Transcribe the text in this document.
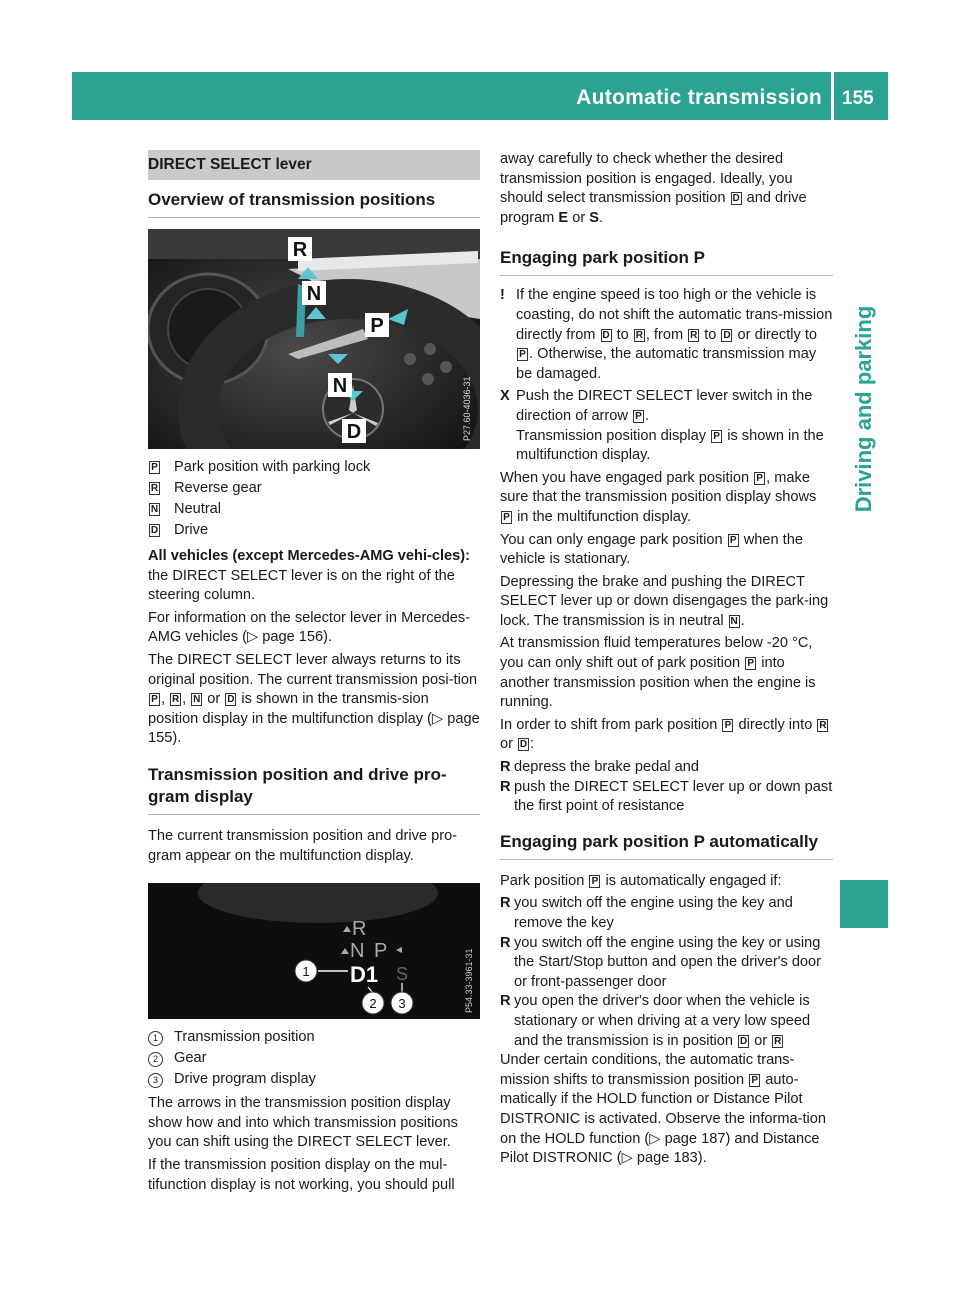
Automatic transmission 155
Driving and parking
DIRECT SELECT lever
Overview of transmission positions
R
N
P
N
D	P27.60-4036-31
P	Park position with parking lock
R	Reverse gear
N	Neutral
D	Drive

All vehicles (except Mercedes-AMG vehi-cles): the DIRECT SELECT lever is on the right of the steering column.

For information on the selector lever in Mercedes-AMG vehicles (▷ page 156).

The DIRECT SELECT lever always returns to its original position. The current transmission posi-tion P , R , N or D is shown in the transmis-sion position display in the multifunction display (▷ page 155).

Transmission position and drive pro-gram display

The current transmission position and drive pro-gram appear on the multifunction display.

R
N P
D1 S
1
2 3	P54.33-3961-31
1	Transmission position
2	Gear
3	Drive program display

The arrows in the transmission position display show how and into which transmission positions you can shift using the DIRECT SELECT lever.

If the transmission position display on the mul-tifunction display is not working, you should pull

away carefully to check whether the desired transmission position is engaged. Ideally, you should select transmission position D and drive program E or S.

Engaging park position P
! If the engine speed is too high or the vehicle is coasting, do not shift the automatic trans-mission directly from D to R , from R to D or directly to P . Otherwise, the automatic transmission may be damaged.
X Push the DIRECT SELECT lever switch in the direction of arrow P .
Transmission position display P is shown in the multifunction display.

When you have engaged park position P , make sure that the transmission position display shows P in the multifunction display.

You can only engage park position P when the vehicle is stationary.

Depressing the brake and pushing the DIRECT SELECT lever up or down disengages the park-ing lock. The transmission is in neutral N .

At transmission fluid temperatures below -20 °C, you can only shift out of park position P into another transmission position when the engine is running.

In order to shift from park position P directly into R or D :

R depress the brake pedal and
R push the DIRECT SELECT lever up or down past the first point of resistance
Engaging park position P automatically

Park position P is automatically engaged if:

R you switch off the engine using the key and remove the key
R you switch off the engine using the key or using the Start/Stop button and open the driver's door or front-passenger door
R you open the driver's door when the vehicle is stationary or when driving at a very low speed and the transmission is in position D or R

Under certain conditions, the automatic trans-mission shifts to transmission position P auto-matically if the HOLD function or Distance Pilot DISTRONIC is activated. Observe the informa-tion on the HOLD function (▷ page 187) and Distance Pilot DISTRONIC (▷ page 183).
